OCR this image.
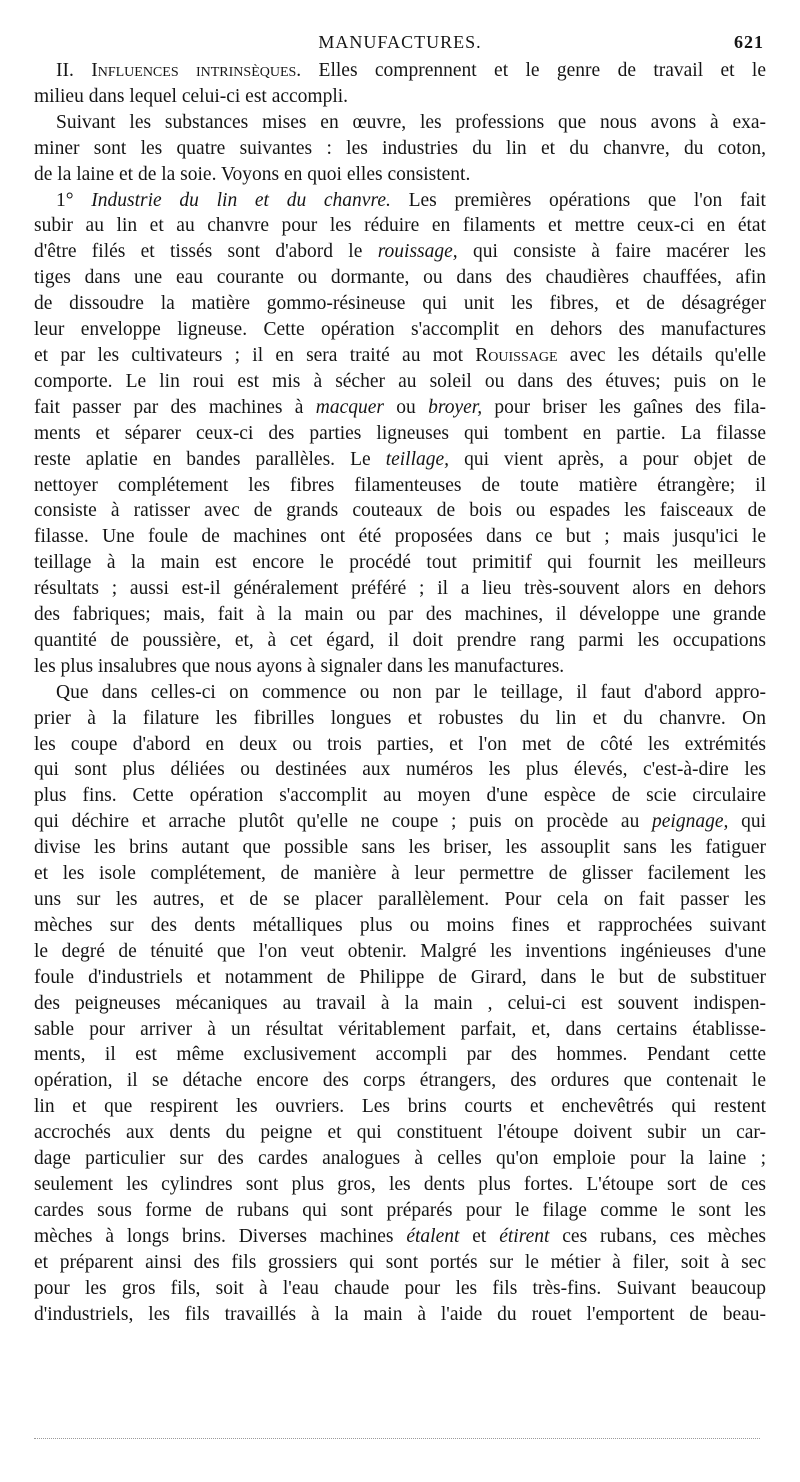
MANUFACTURES.	621
II. Influences intrinsèques. Elles comprennent et le genre de travail et le
milieu dans lequel celui-ci est accompli.
Suivant les substances mises en œuvre, les professions que nous avons à exa-
miner sont les quatre suivantes : les industries du lin et du chanvre, du coton,
de la laine et de la soie. Voyons en quoi elles consistent.
1° Industrie du lin et du chanvre. Les premières opérations que l'on fait
subir au lin et au chanvre pour les réduire en filaments et mettre ceux-ci en état
d'être filés et tissés sont d'abord le rouissage, qui consiste à faire macérer les
tiges dans une eau courante ou dormante, ou dans des chaudières chauffées, afin
de dissoudre la matière gommo-résineuse qui unit les fibres, et de désagréger
leur enveloppe ligneuse. Cette opération s'accomplit en dehors des manufactures
et par les cultivateurs ; il en sera traité au mot Rouissage avec les détails qu'elle
comporte. Le lin roui est mis à sécher au soleil ou dans des étuves; puis on le
fait passer par des machines à macquer ou broyer, pour briser les gaînes des fila-
ments et séparer ceux-ci des parties ligneuses qui tombent en partie. La filasse
reste aplatie en bandes parallèles. Le teillage, qui vient après, a pour objet de
nettoyer complétement les fibres filamenteuses de toute matière étrangère; il
consiste à ratisser avec de grands couteaux de bois ou espades les faisceaux de
filasse. Une foule de machines ont été proposées dans ce but ; mais jusqu'ici le
teillage à la main est encore le procédé tout primitif qui fournit les meilleurs
résultats ; aussi est-il généralement préféré ; il a lieu très-souvent alors en dehors
des fabriques; mais, fait à la main ou par des machines, il développe une grande
quantité de poussière, et, à cet égard, il doit prendre rang parmi les occupations
les plus insalubres que nous ayons à signaler dans les manufactures.
Que dans celles-ci on commence ou non par le teillage, il faut d'abord appro-
prier à la filature les fibrilles longues et robustes du lin et du chanvre. On
les coupe d'abord en deux ou trois parties, et l'on met de côté les extrémités
qui sont plus déliées ou destinées aux numéros les plus élevés, c'est-à-dire les
plus fins. Cette opération s'accomplit au moyen d'une espèce de scie circulaire
qui déchire et arrache plutôt qu'elle ne coupe ; puis on procède au peignage, qui
divise les brins autant que possible sans les briser, les assouplit sans les fatiguer
et les isole complétement, de manière à leur permettre de glisser facilement les
uns sur les autres, et de se placer parallèlement. Pour cela on fait passer les
mèches sur des dents métalliques plus ou moins fines et rapprochées suivant
le degré de ténuité que l'on veut obtenir. Malgré les inventions ingénieuses d'une
foule d'industriels et notamment de Philippe de Girard, dans le but de substituer
des peigneuses mécaniques au travail à la main , celui-ci est souvent indispen-
sable pour arriver à un résultat véritablement parfait, et, dans certains établisse-
ments, il est même exclusivement accompli par des hommes. Pendant cette
opération, il se détache encore des corps étrangers, des ordures que contenait le
lin et que respirent les ouvriers. Les brins courts et enchevêtrés qui restent
accrochés aux dents du peigne et qui constituent l'étoupe doivent subir un car-
dage particulier sur des cardes analogues à celles qu'on emploie pour la laine ;
seulement les cylindres sont plus gros, les dents plus fortes. L'étoupe sort de ces
cardes sous forme de rubans qui sont préparés pour le filage comme le sont les
mèches à longs brins. Diverses machines étalent et étirent ces rubans, ces mèches
et préparent ainsi des fils grossiers qui sont portés sur le métier à filer, soit à sec
pour les gros fils, soit à l'eau chaude pour les fils très-fins. Suivant beaucoup
d'industriels, les fils travaillés à la main à l'aide du rouet l'emportent de beau-
